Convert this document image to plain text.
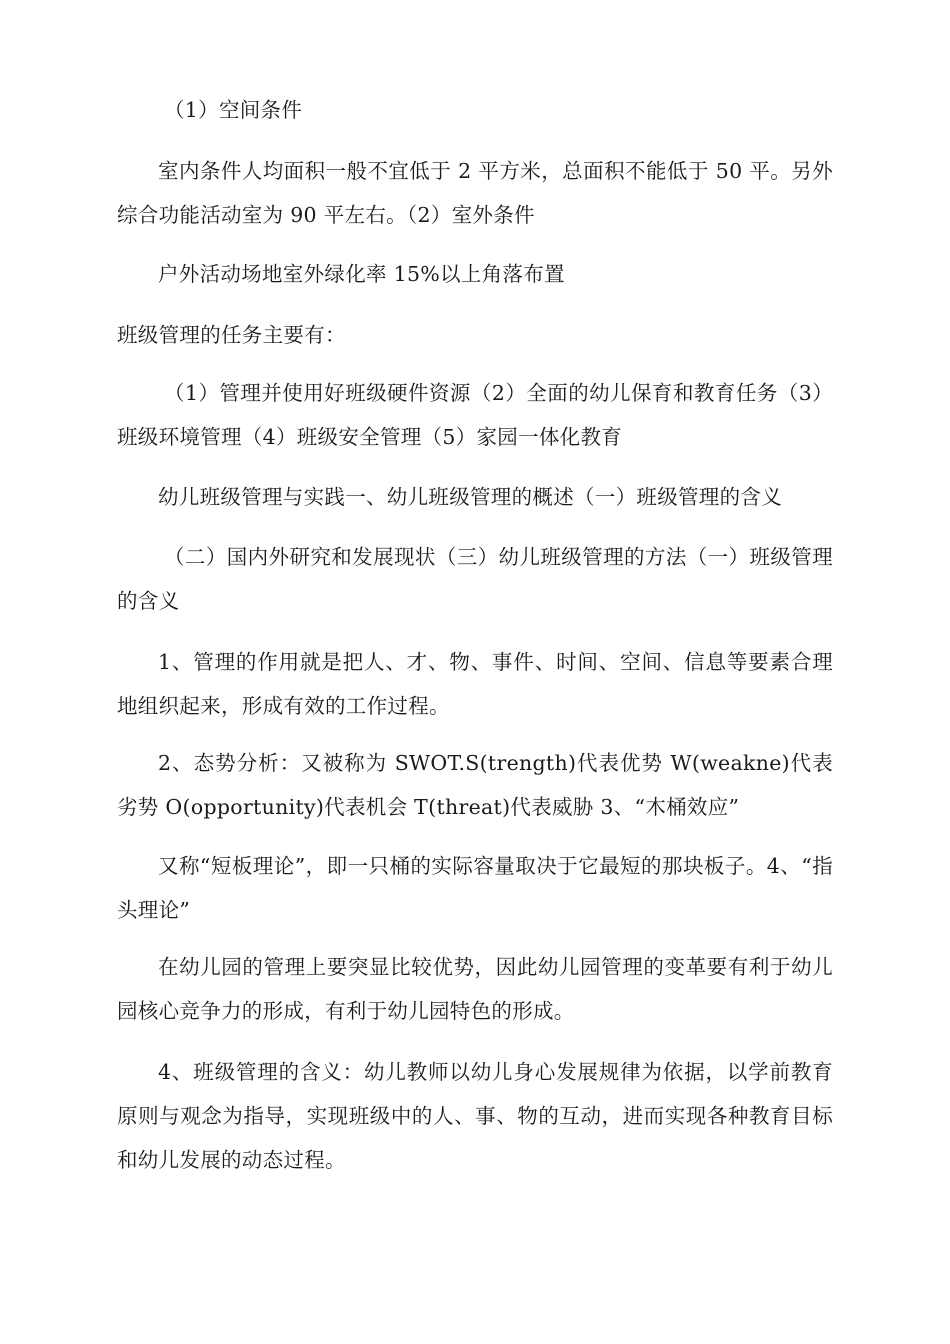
（1）空间条件

室内条件人均面积一般不宜低于 2 平方米，总面积不能低于 50 平。另外综合功能活动室为 90 平左右。（2）室外条件

户外活动场地室外绿化率 15%以上角落布置

班级管理的任务主要有：

（1）管理并使用好班级硬件资源（2）全面的幼儿保育和教育任务（3）班级环境管理（4）班级安全管理（5）家园一体化教育

幼儿班级管理与实践一、幼儿班级管理的概述（一）班级管理的含义

（二）国内外研究和发展现状（三）幼儿班级管理的方法（一）班级管理的含义

1、管理的作用就是把人、才、物、事件、时间、空间、信息等要素合理地组织起来，形成有效的工作过程。

2、态势分析：又被称为 SWOT.S(trength)代表优势 W(weakne)代表劣势 O(opportunity)代表机会 T(threat)代表威胁 3、“木桶效应”

又称“短板理论”，即一只桶的实际容量取决于它最短的那块板子。4、“指头理论”

在幼儿园的管理上要突显比较优势，因此幼儿园管理的变革要有利于幼儿园核心竞争力的形成，有利于幼儿园特色的形成。

4、班级管理的含义：幼儿教师以幼儿身心发展规律为依据，以学前教育原则与观念为指导，实现班级中的人、事、物的互动，进而实现各种教育目标和幼儿发展的动态过程。
